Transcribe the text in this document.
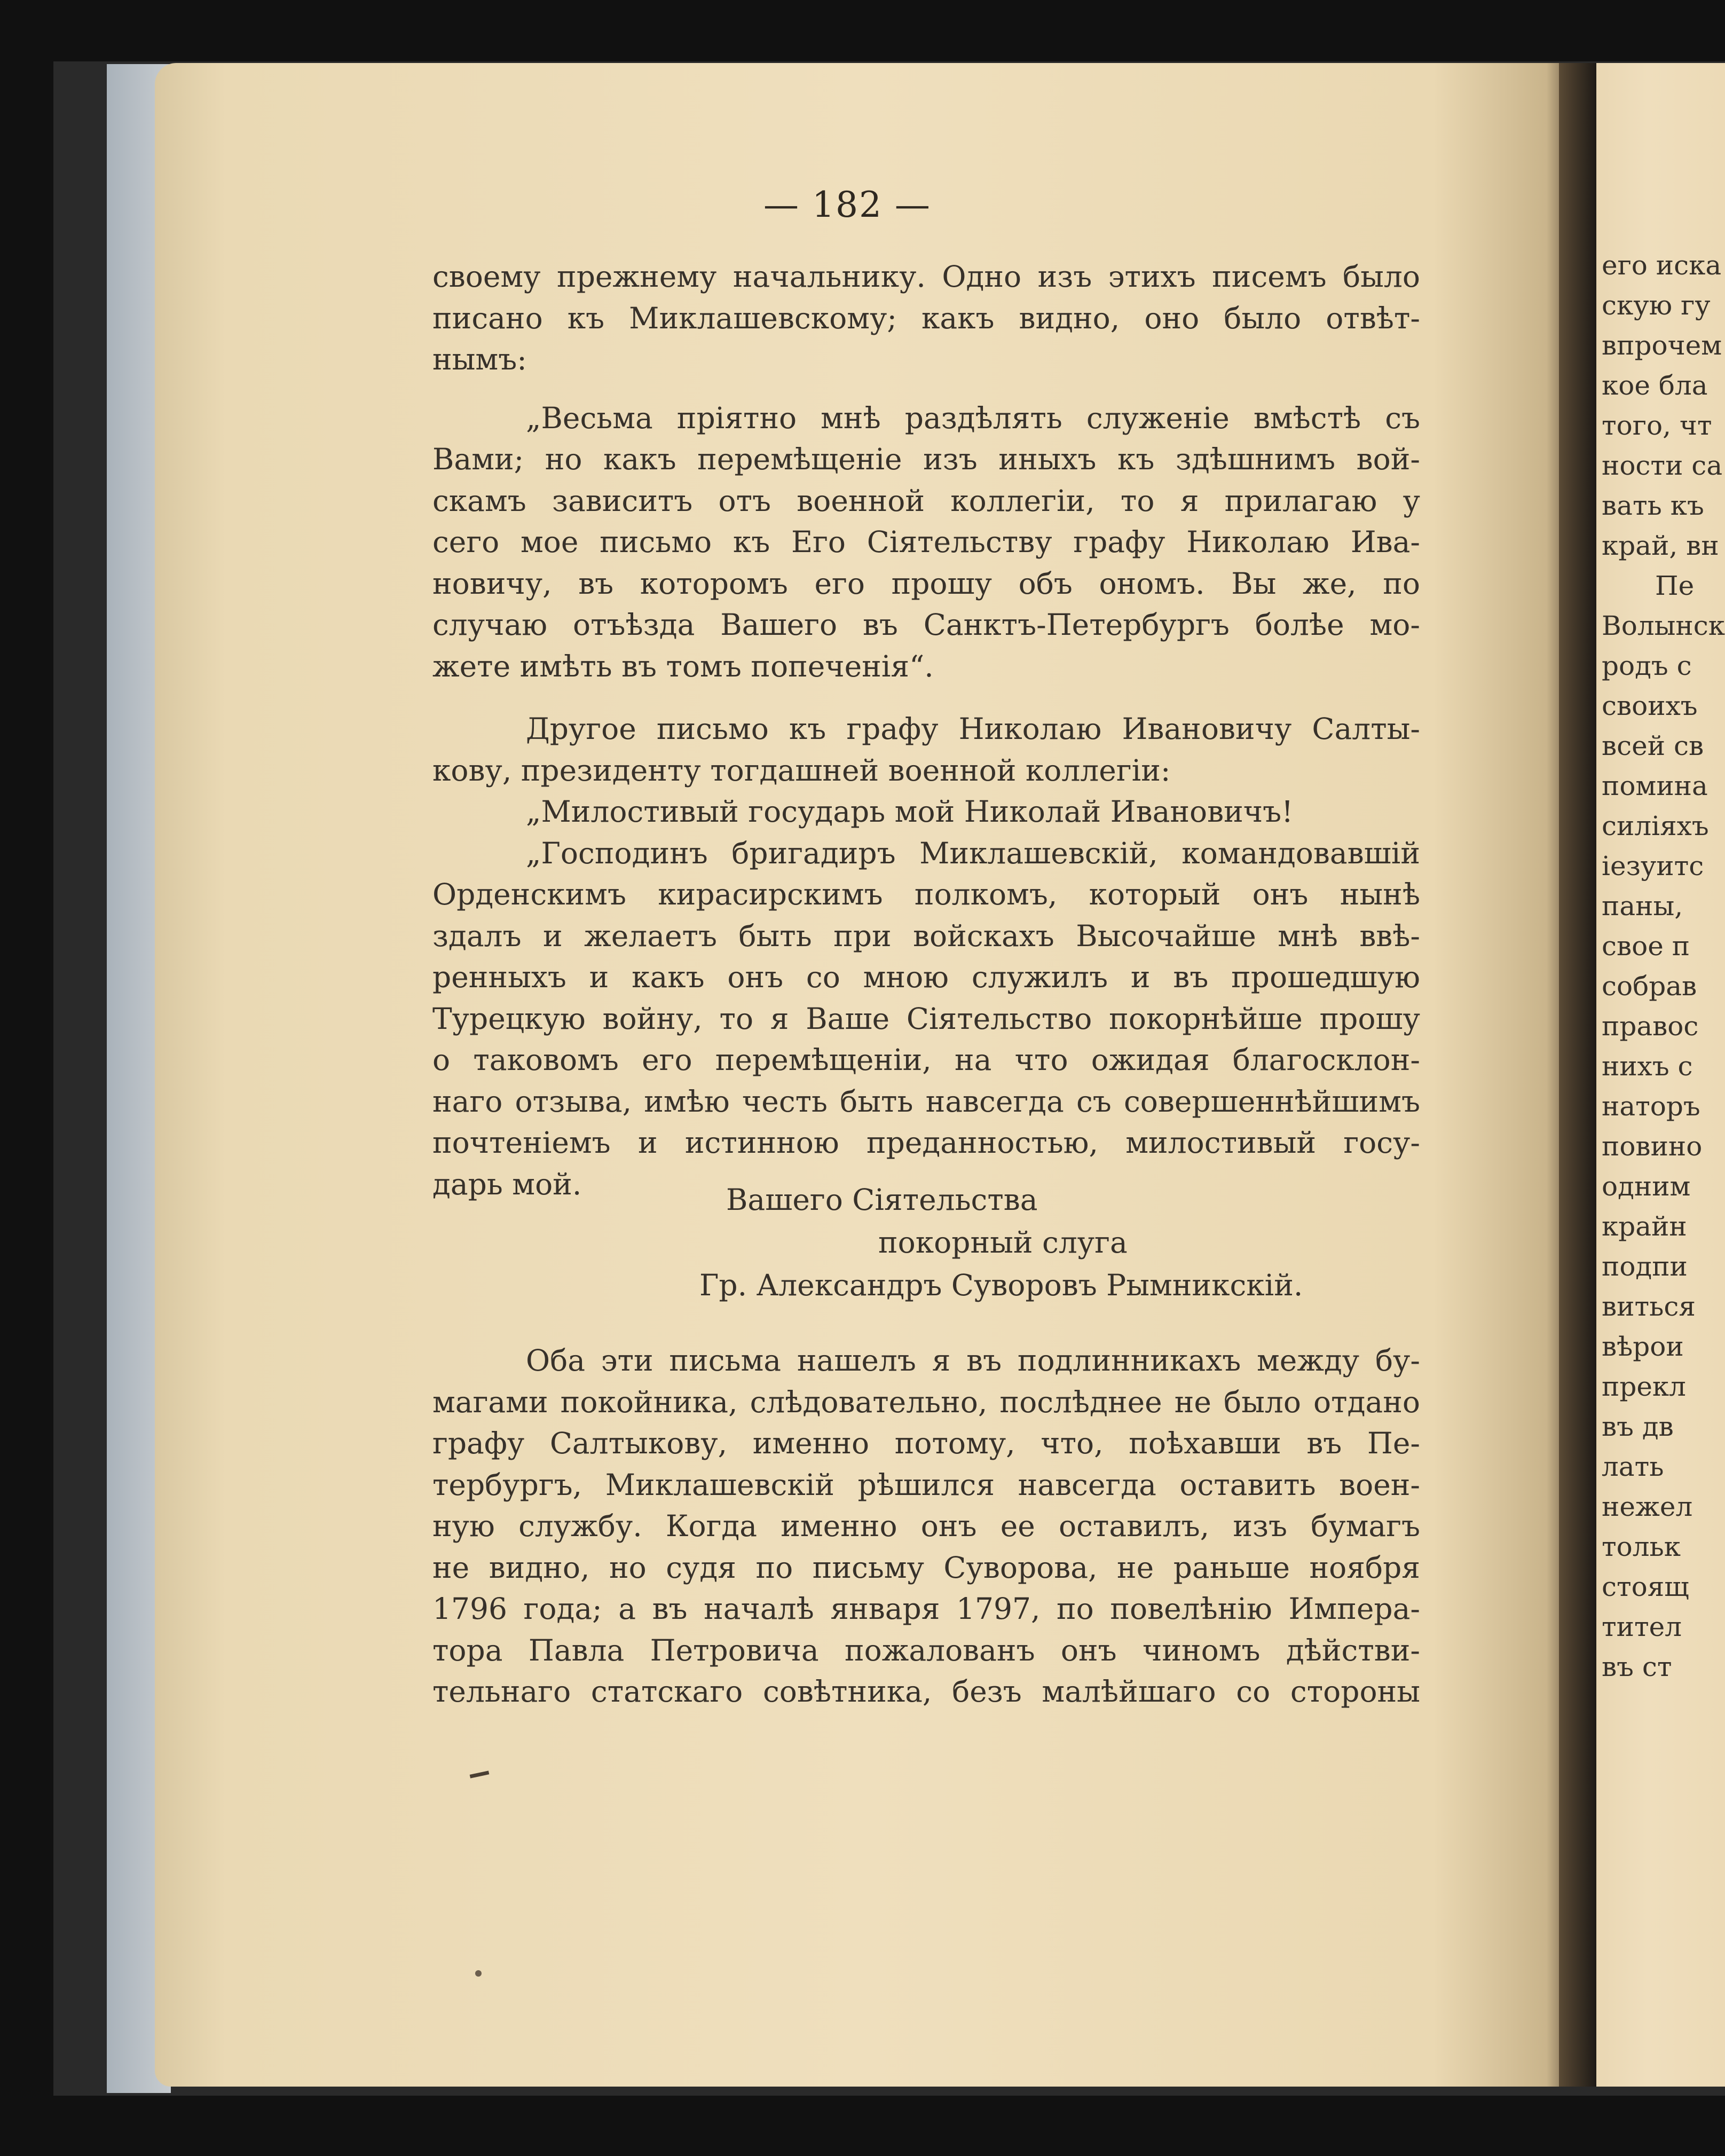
— 182 —
своему прежнему начальнику. Одно изъ этихъ писемъ было
писано къ Миклашевскому; какъ видно, оно было отвѣт-
нымъ:
„Весьма пріятно мнѣ раздѣлять служеніе вмѣстѣ съ
Вами; но какъ перемѣщеніе изъ иныхъ къ здѣшнимъ вой-
скамъ зависитъ отъ военной коллегіи, то я прилагаю у
сего мое письмо къ Его Сіятельству графу Николаю Ива-
новичу, въ которомъ его прошу объ ономъ. Вы же, по
случаю отъѣзда Вашего въ Санктъ-Петербургъ болѣе мо-
жете имѣть въ томъ попеченія“.
Другое письмо къ графу Николаю Ивановичу Салты-
кову, президенту тогдашней военной коллегіи:
„Милостивый государь мой Николай Ивановичъ!
„Господинъ бригадиръ Миклашевскій, командовавшій
Орденскимъ кирасирскимъ полкомъ, который онъ нынѣ
здалъ и желаетъ быть при войскахъ Высочайше мнѣ ввѣ-
ренныхъ и какъ онъ со мною служилъ и въ прошедшую
Турецкую войну, то я Ваше Сіятельство покорнѣйше прошу
о таковомъ его перемѣщеніи, на что ожидая благосклон-
наго отзыва, имѣю честь быть навсегда съ совершеннѣйшимъ
почтеніемъ и истинною преданностью, милостивый госу-
дарь мой.	Вашего Сіятельства
покорный слуга
Гр. Александръ Суворовъ Рымникскій.
Оба эти письма нашелъ я въ подлинникахъ между бу-
магами покойника, слѣдовательно, послѣднее не было отдано
графу Салтыкову, именно потому, что, поѣхавши въ Пе-
тербургъ, Миклашевскій рѣшился навсегда оставить воен-
ную службу. Когда именно онъ ее оставилъ, изъ бумагъ
не видно, но судя по письму Суворова, не раньше ноября
1796 года; а въ началѣ января 1797, по повелѣнію Импера-
тора Павла Петровича пожалованъ онъ чиномъ дѣйстви-
тельнаго статскаго совѣтника, безъ малѣйшаго со стороны
его иска
скую гу
впрочем
кое бла
того, чт
ности са
вать къ
край, вн
Пе
Волынск
родъ с
своихъ
всей св
помина
силіяхъ
іезуитс
паны,
свое п
собрав
правос
нихъ с
наторъ
повино
одним
крайн
подпи
виться
вѣрои
прекл
въ дв
лать
нежел
тольк
стоящ
тител
въ ст
